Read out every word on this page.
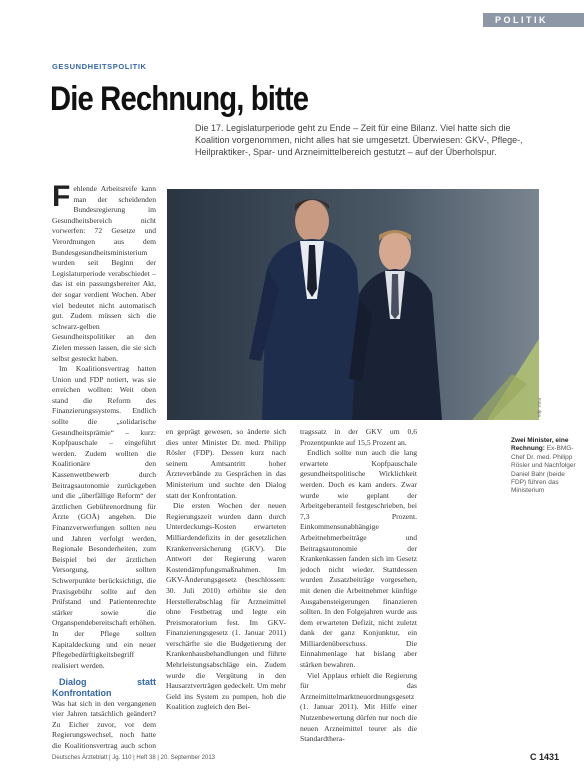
POLITIK
GESUNDHEITSPOLITIK
Die Rechnung, bitte
Die 17. Legislaturperiode geht zu Ende – Zeit für eine Bilanz. Viel hatte sich die Koalition vorgenommen, nicht alles hat sie umgesetzt. Überwiesen: GKV-, Pflege-, Heilpraktiker-, Spar- und Arzneimittelbereich gestutzt – auf der Überholspur.
Foto: dpa

Fehlende Arbeitsreife kann man der scheidenden Bundesregierung im Gesundheitsbereich nicht vorwerfen: 72 Gesetze und Verordnungen aus dem Bundesgesundheitsministerium wurden seit Beginn der Legislaturperiode verabschiedet – das ist ein passungsbereiter Akt, der sogar verdient Wochen. Aber viel bedeutet nicht automatisch gut. Zudem müssen sich die schwarz-gelben Gesundheitspolitiker an den Zielen messen lassen, die sie sich selbst gesteckt haben.

Im Koalitionsvertrag hatten Union und FDP notiert, was sie erreichen wollten: Weit oben stand die Reform des Finanzierungssystems. Endlich sollte die „solidarische Gesundheitsprämie“ – kurz: Kopfpauschale – eingeführt werden. Zudem wollten die Koalitionäre den Kassenwettbewerb durch Beitragsautonomie zurückgeben und die „überfällige Reform“ der ärztlichen Gebührenordnung für Ärzte (GOÄ) angehen. Die Finanzverwerfungen sollten neu und Jahren verfolgt werden, Regionale Besonderheiten, zum Beispiel bei der ärztlichen Versorgung, sollten Schwerpunkte berücksichtigt, die Praxisgebühr sollte auf den Prüfstand und Patientenrechte stärker sowie die Organspendebereitschaft erhöhen. In der Pflege sollten Kapitaldeckung und ein neuer Pflegebedürftigkeitsbegriff realisiert werden.

Dialog statt Konfrontation

Was hat sich in den vergangenen vier Jahren tatsächlich geändert? Zu Eicher zuvor, vor dem Regierungswechsel, noch hatte die Koalitionsvertrag auch schon

en geprägt gewesen, so änderte sich dies unter Minister Dr. med. Philipp Rösler (FDP). Dessen kurz nach seinem Amtsantritt hoher Ärzteverbände zu Gesprächen in das Ministerium und suchte den Dialog statt der Konfrontation.

Die ersten Wochen der neuen Regierungszeit wurden dann durch Unterdeckungs-Kosten erwarteten Milliardendefizits in der gesetzlichen Krankenversicherung (GKV). Die Antwort der Regierung waren Kostendämpfungsmaßnahmen. Im GKV-Änderungsgesetz (beschlossen: 30. Juli 2010) erhöhte sie den Herstellerabschlag für Arzneimittel ohne Festbetrag und legte ein Preismoratorium fest. Im GKV-Finanzierungsgesetz (1. Januar 2011) verschärfte sie die Budgetierung der Krankenhausbehandlungen und führte Mehrleistungsabschläge ein. Zudem wurde die Vergütung in den Hausarztverträgen gedeckelt. Um mehr Geld ins System zu pumpen, hob die Koalition zugleich den Bei-

tragssatz in der GKV um 0,6 Prozentpunkte auf 15,5 Prozent an.

Endlich sollte nun auch die lang erwartete Kopfpauschale gesundheitspolitische Wirklichkeit werden. Doch es kam anders. Zwar wurde wie geplant der Arbeitgeberanteil festgeschrieben, bei 7,3 Prozent. Einkommensunabhängige Arbeitnehmerbeiträge und Beitragsautonomie der Krankenkassen fanden sich im Gesetz jedoch nicht wieder. Stattdessen wurden Zusatzbeiträge vorgesehen, mit denen die Arbeitnehmer künftige Ausgabensteigerungen finanzieren sollten. In den Folgejahren wurde aus dem erwarteten Defizit, nicht zuletzt dank der ganz Konjunktur, ein Milliardenüberschuss. Die Einnahmenlage hat bislang aber stärken bewahren.

Viel Applaus erhielt die Regierung für das Arzneimittelmarktneuordnungsgesetz (1. Januar 2011). Mit Hilfe einer Nutzenbewertung dürfen nur noch die neuen Arzneimittel teurer als die Standardthera-

Zwei Minister, eine Rechnung: Ex-BMG-Chef Dr. med. Philipp Rösler und Nachfolger Daniel Bahr (beide FDP) führen das Ministerium
Deutsches Ärzteblatt | Jg. 110 | Heft 38 | 20. September 2013	C 1431
